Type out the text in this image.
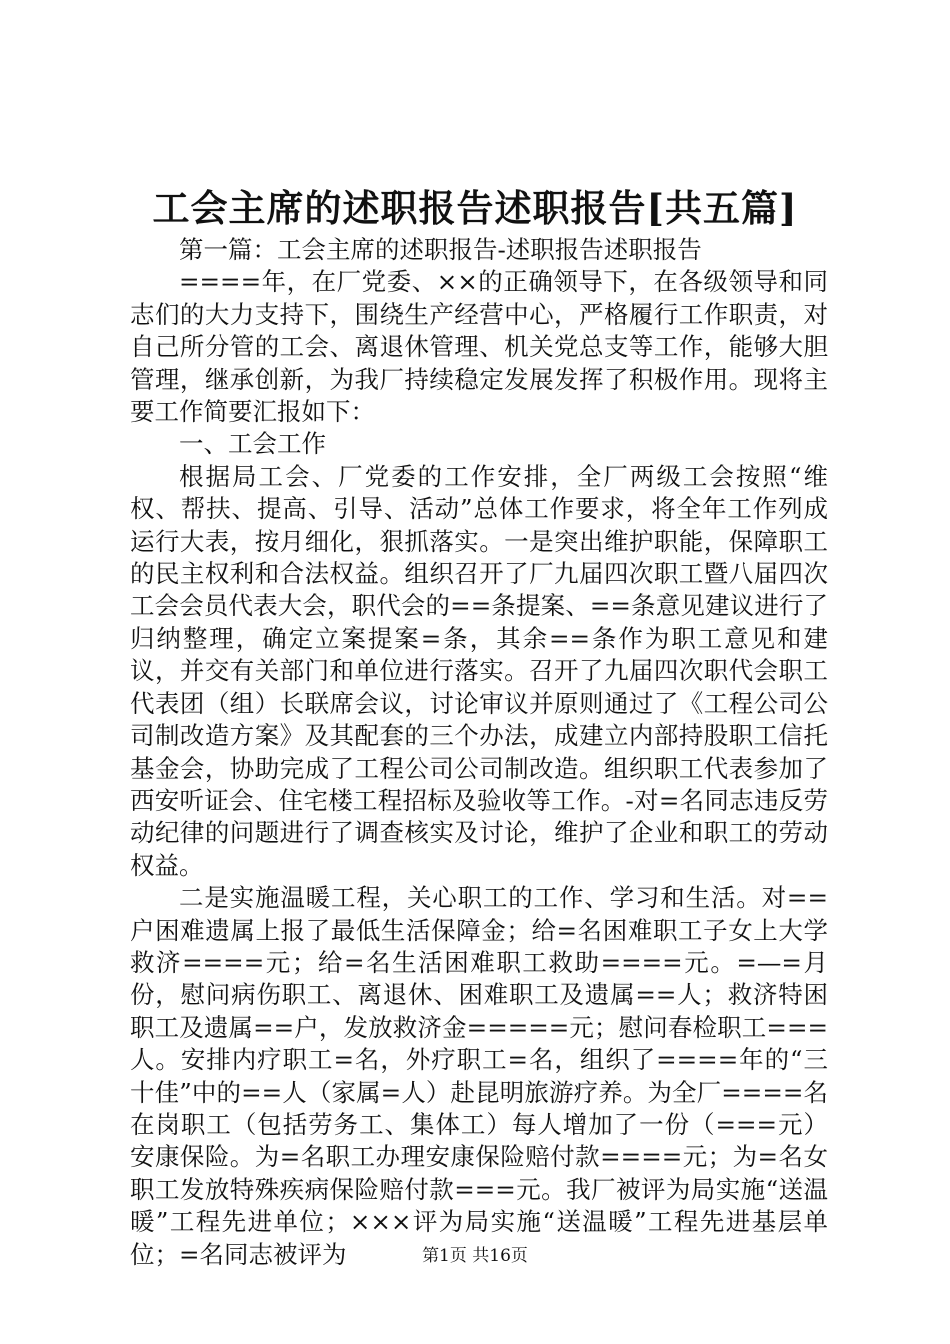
工会主席的述职报告述职报告[共五篇]

第一篇：工会主席的述职报告-述职报告述职报告

====年，在厂党委、××的正确领导下，在各级领导和同志们的大力支持下，围绕生产经营中心，严格履行工作职责，对自己所分管的工会、离退休管理、机关党总支等工作，能够大胆管理，继承创新，为我厂持续稳定发展发挥了积极作用。现将主要工作简要汇报如下：

一、工会工作

根据局工会、厂党委的工作安排，全厂两级工会按照“维权、帮扶、提高、引导、活动”总体工作要求，将全年工作列成运行大表，按月细化，狠抓落实。一是突出维护职能，保障职工的民主权利和合法权益。组织召开了厂九届四次职工暨八届四次工会会员代表大会，职代会的==条提案、==条意见建议进行了归纳整理，确定立案提案=条，其余==条作为职工意见和建议，并交有关部门和单位进行落实。召开了九届四次职代会职工代表团（组）长联席会议，讨论审议并原则通过了《工程公司公司制改造方案》及其配套的三个办法，成建立内部持股职工信托基金会，协助完成了工程公司公司制改造。组织职工代表参加了西安听证会、住宅楼工程招标及验收等工作。-对=名同志违反劳动纪律的问题进行了调查核实及讨论，维护了企业和职工的劳动权益。

二是实施温暖工程，关心职工的工作、学习和生活。对==户困难遗属上报了最低生活保障金；给=名困难职工子女上大学救济====元；给=名生活困难职工救助====元。=—=月份，慰问病伤职工、离退休、困难职工及遗属==人；救济特困职工及遗属==户，发放救济金=====元；慰问春检职工===人。安排内疗职工=名，外疗职工=名，组织了====年的“三十佳”中的==人（家属=人）赴昆明旅游疗养。为全厂====名在岗职工（包括劳务工、集体工）每人增加了一份（===元）安康保险。为=名职工办理安康保险赔付款====元；为=名女职工发放特殊疾病保险赔付款===元。我厂被评为局实施“送温暖”工程先进单位；×××评为局实施“送温暖”工程先进基层单位；=名同志被评为	第1页 共16页
